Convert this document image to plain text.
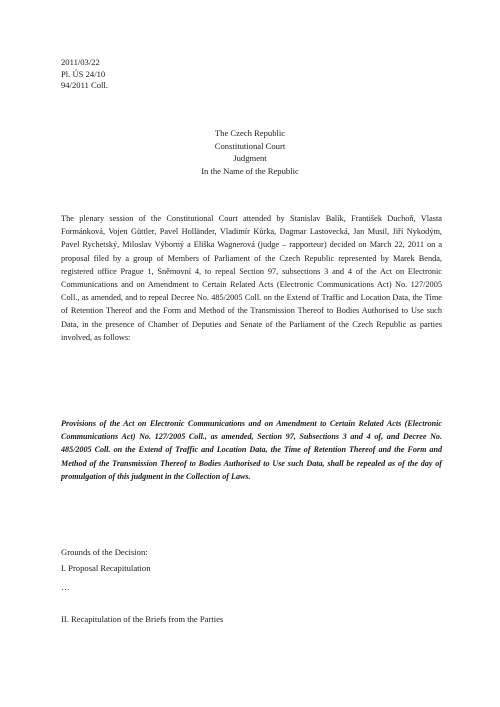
2011/03/22
Pl. ÚS 24/10
94/2011 Coll.
The Czech Republic
Constitutional Court
Judgment
In the Name of the Republic
The plenary session of the Constitutional Court attended by Stanislav Balík, František Duchoň, Vlasta Formánková, Vojen Güttler, Pavel Holländer, Vladimír Kůrka, Dagmar Lastovecká, Jan Musil, Jiří Nykodým, Pavel Rychetský, Miloslav Výborný a Eliška Wagnerová (judge – rapporteur) decided on March 22, 2011 on a proposal filed by a group of Members of Parliament of the Czech Republic represented by Marek Benda, registered office Prague 1, Sněmovní 4, to repeal Section 97, subsections 3 and 4 of the Act on Electronic Communications and on Amendment to Certain Related Acts (Electronic Communications Act) No. 127/2005 Coll., as amended, and to repeal Decree No. 485/2005 Coll. on the Extend of Traffic and Location Data, the Time of Retention Thereof and the Form and Method of the Transmission Thereof to Bodies Authorised to Use such Data, in the presence of Chamber of Deputies and Senate of the Parliament of the Czech Republic as parties involved, as follows:
Provisions of the Act on Electronic Communications and on Amendment to Certain Related Acts (Electronic Communications Act) No. 127/2005 Coll., as amended, Section 97, Subsections 3 and 4 of, and Decree No. 485/2005 Coll. on the Extend of Traffic and Location Data, the Time of Retention Thereof and the Form and Method of the Transmission Thereof to Bodies Authorised to Use such Data, shall be repealed as of the day of promulgation of this judgment in the Collection of Laws.
Grounds of the Decision:
I. Proposal Recapitulation
…
II. Recapitulation of the Briefs from the Parties
